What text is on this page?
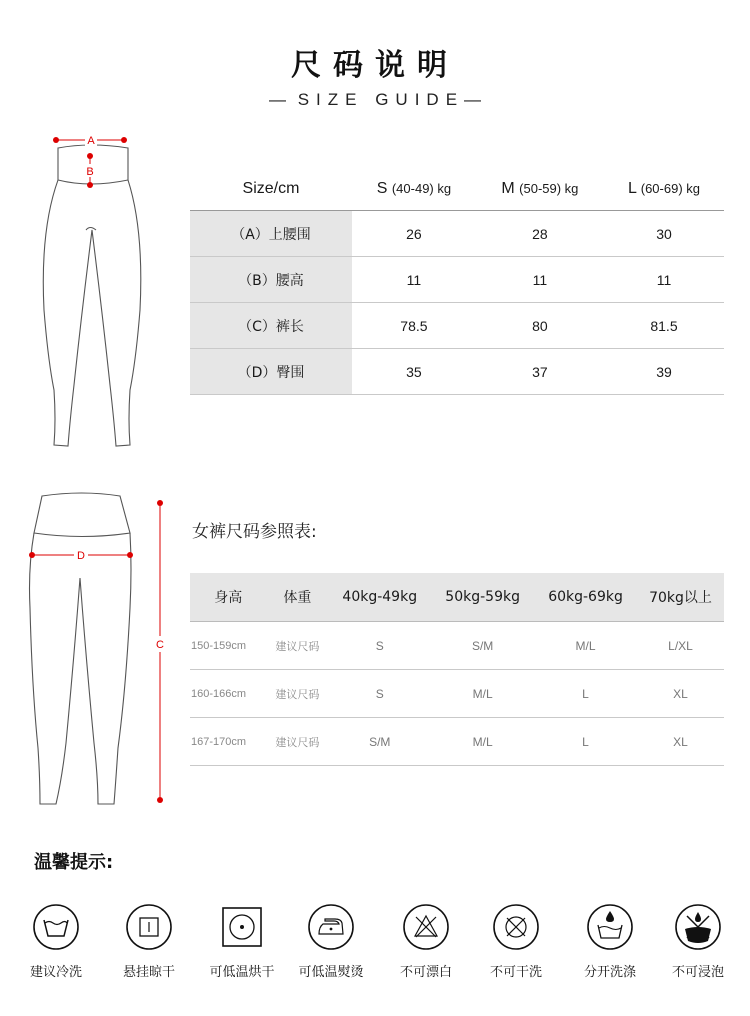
尺码说明
— SIZE GUIDE—
A
B
Size/cm	S (40-49) kg	M (50-59) kg	L (60-69) kg
（A）上腰围	26	28	30
（B）腰高	11	11	11
（C）裤长	78.5	80	81.5
（D）臀围	35	37	39
D
C
女裤尺码参照表:
身高	体重	40kg-49kg	50kg-59kg	60kg-69kg	70kg以上
150-159cm	建议尺码	S	S/M	M/L	L/XL
160-166cm	建议尺码	S	M/L	L	XL
167-170cm	建议尺码	S/M	M/L	L	XL
温馨提示:
建议冷洗	悬挂晾干	可低温烘干	可低温熨烫	不可漂白	不可干洗	分开洗涤	不可浸泡
